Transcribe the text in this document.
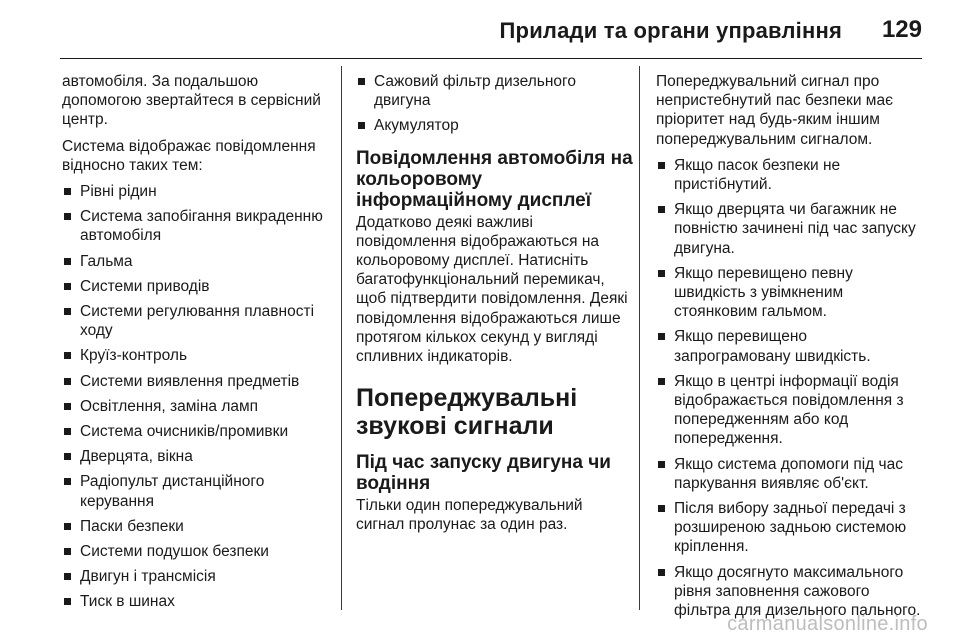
Прилади та органи управління 129

автомобіля. За подальшою допомогою звертайтеся в сервісний центр.

Система відображає повідомлення відносно таких тем:

Рівні рідин
Система запобігання викраденню автомобіля
Гальма
Системи приводів
Системи регулювання плавності ходу
Круїз-контроль
Системи виявлення предметів
Освітлення, заміна ламп
Система очисників/промивки
Дверцята, вікна
Радіопульт дистанційного керування
Паски безпеки
Системи подушок безпеки
Двигун і трансмісія
Тиск в шинах
Сажовий фільтр дизельного двигуна
Акумулятор
Повідомлення автомобіля на кольоровому інформаційному дисплеї

Додатково деякі важливі повідомлення відображаються на кольоровому дисплеї. Натисніть багатофункціональний перемикач, щоб підтвердити повідомлення. Деякі повідомлення відображаються лише протягом кількох секунд у вигляді спливних індикаторів.

Попереджувальні звукові сигнали
Під час запуску двигуна чи водіння

Тільки один попереджувальний сигнал пролунає за один раз.

Попереджувальний сигнал про непристебнутий пас безпеки має пріоритет над будь-яким іншим попереджувальним сигналом.

Якщо пасок безпеки не пристібнутий.
Якщо дверцята чи багажник не повністю зачинені під час запуску двигуна.
Якщо перевищено певну швидкість з увімкненим стоянковим гальмом.
Якщо перевищено запрограмовану швидкість.
Якщо в центрі інформації водія відображається повідомлення з попередженням або код попередження.
Якщо система допомоги під час паркування виявляє об'єкт.
Після вибору задньої передачі з розширеною задньою системою кріплення.
Якщо досягнуто максимального рівня заповнення сажового фільтра для дизельного пального.
carmanualsonline.info
